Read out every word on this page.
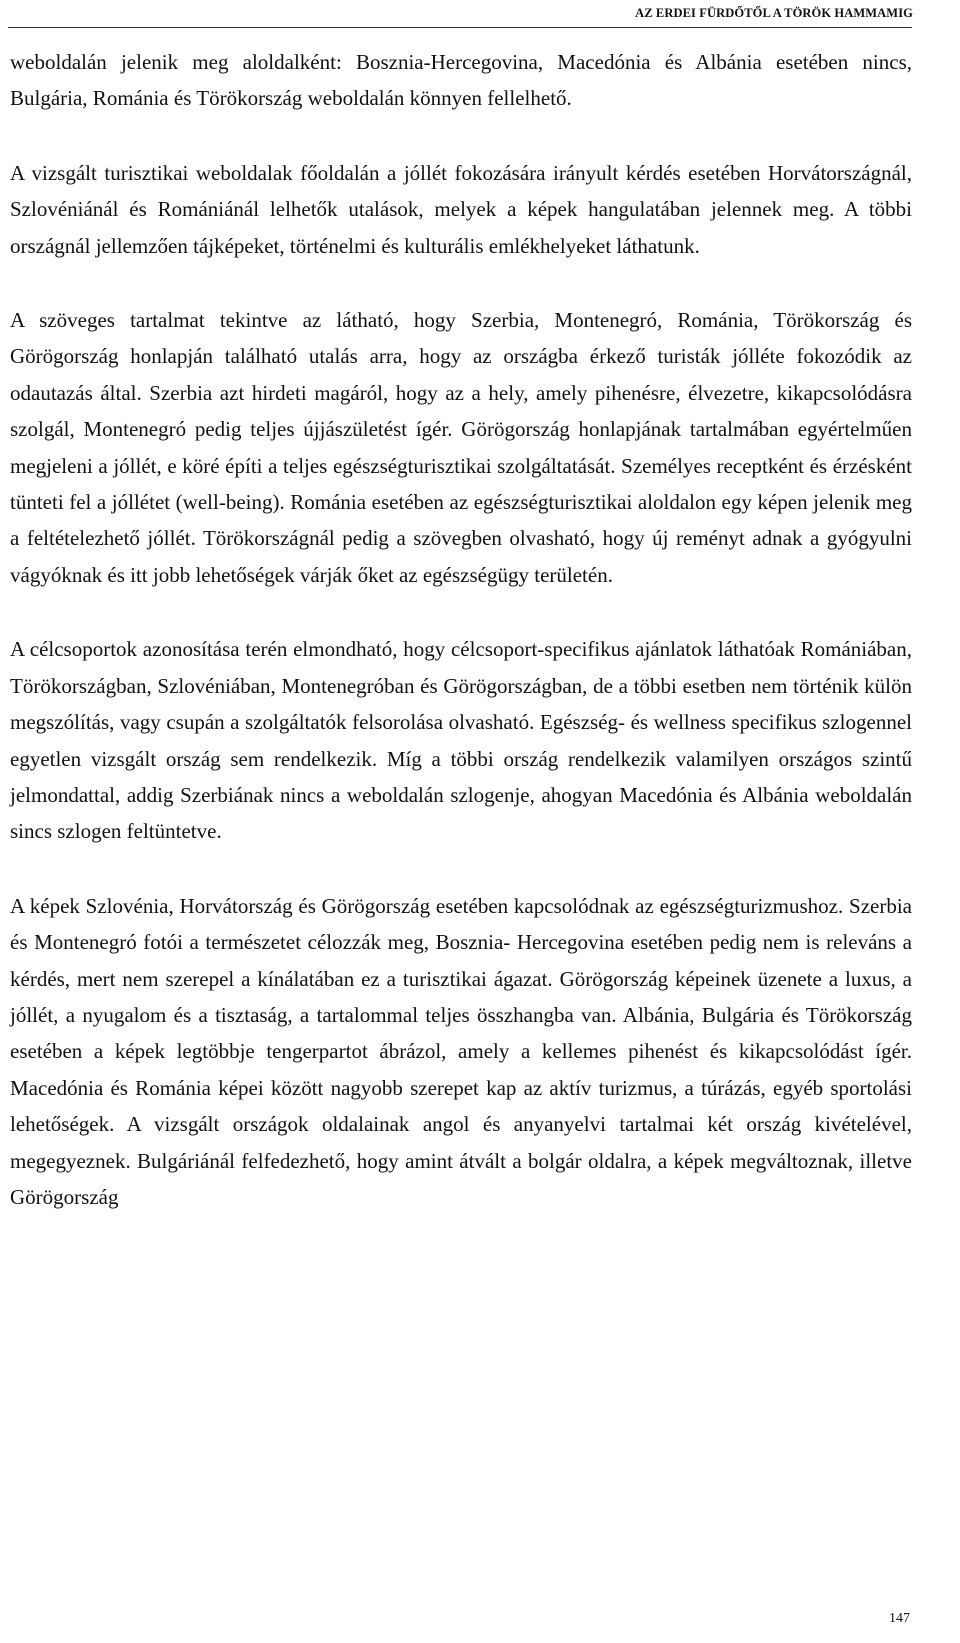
AZ ERDEI FÜRDŐTŐL A TÖRÖK HAMMAMIG

weboldalán jelenik meg aloldalként: Bosznia-Hercegovina, Macedónia és Albánia esetében nincs, Bulgária, Románia és Törökország weboldalán könnyen fellelhető.

A vizsgált turisztikai weboldalak főoldalán a jóllét fokozására irányult kérdés esetében Horvátországnál, Szlovéniánál és Romániánál lelhetők utalások, melyek a képek hangulatában jelennek meg. A többi országnál jellemzően tájképeket, történelmi és kulturális emlékhelyeket láthatunk.

A szöveges tartalmat tekintve az látható, hogy Szerbia, Montenegró, Románia, Törökország és Görögország honlapján található utalás arra, hogy az országba érkező turisták jólléte fokozódik az odautazás által. Szerbia azt hirdeti magáról, hogy az a hely, amely pihenésre, élvezetre, kikapcsolódásra szolgál, Montenegró pedig teljes újjászületést ígér. Görögország honlapjának tartalmában egyértelműen megjeleni a jóllét, e köré építi a teljes egészségturisztikai szolgáltatását. Személyes receptként és érzésként tünteti fel a jóllétet (well-being). Románia esetében az egészségturisztikai aloldalon egy képen jelenik meg a feltételezhető jóllét. Törökországnál pedig a szövegben olvasható, hogy új reményt adnak a gyógyulni vágyóknak és itt jobb lehetőségek várják őket az egészségügy területén.

A célcsoportok azonosítása terén elmondható, hogy célcsoport-specifikus ajánlatok láthatóak Romániában, Törökországban, Szlovéniában, Montenegróban és Görögországban, de a többi esetben nem történik külön megszólítás, vagy csupán a szolgáltatók felsorolása olvasható. Egészség- és wellness specifikus szlogennel egyetlen vizsgált ország sem rendelkezik. Míg a többi ország rendelkezik valamilyen országos szintű jelmondattal, addig Szerbiának nincs a weboldalán szlogenje, ahogyan Macedónia és Albánia weboldalán sincs szlogen feltüntetve.

A képek Szlovénia, Horvátország és Görögország esetében kapcsolódnak az egészségturizmushoz. Szerbia és Montenegró fotói a természetet célozzák meg, Bosznia- Hercegovina esetében pedig nem is releváns a kérdés, mert nem szerepel a kínálatában ez a turisztikai ágazat. Görögország képeinek üzenete a luxus, a jóllét, a nyugalom és a tisztaság, a tartalommal teljes összhangba van. Albánia, Bulgária és Törökország esetében a képek legtöbbje tengerpartot ábrázol, amely a kellemes pihenést és kikapcsolódást ígér. Macedónia és Románia képei között nagyobb szerepet kap az aktív turizmus, a túrázás, egyéb sportolási lehetőségek. A vizsgált országok oldalainak angol és anyanyelvi tartalmai két ország kivételével, megegyeznek. Bulgáriánál felfedezhető, hogy amint átvált a bolgár oldalra, a képek megváltoznak, illetve Görögország

147
